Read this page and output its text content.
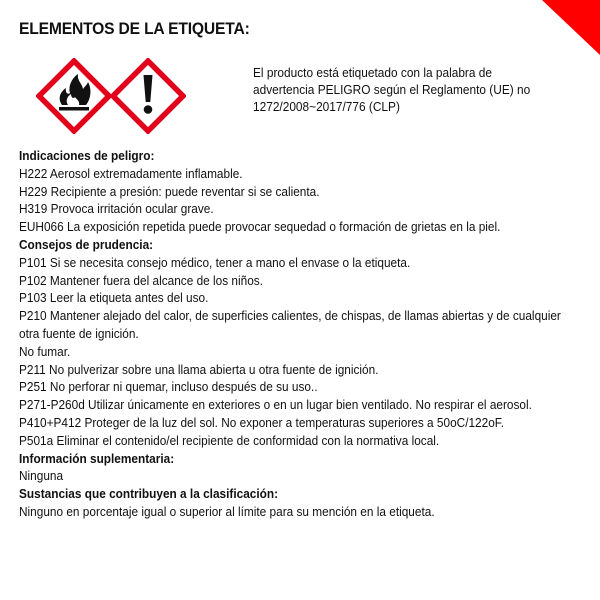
ELEMENTOS DE LA ETIQUETA:
El producto está etiquetado con la palabra de advertencia PELIGRO según el Reglamento (UE) no 1272/2008~2017/776 (CLP)
Indicaciones de peligro:
H222 Aerosol extremadamente inflamable.
H229 Recipiente a presión: puede reventar si se calienta.
H319 Provoca irritación ocular grave.
EUH066 La exposición repetida puede provocar sequedad o formación de grietas en la piel.
Consejos de prudencia:
P101 Si se necesita consejo médico, tener a mano el envase o la etiqueta.
P102 Mantener fuera del alcance de los niños.
P103 Leer la etiqueta antes del uso.
P210 Mantener alejado del calor, de superficies calientes, de chispas, de llamas abiertas y de cualquier otra fuente de ignición.
No fumar.
P211 No pulverizar sobre una llama abierta u otra fuente de ignición.
P251 No perforar ni quemar, incluso después de su uso..
P271-P260d Utilizar únicamente en exteriores o en un lugar bien ventilado. No respirar el aerosol.
P410+P412 Proteger de la luz del sol. No exponer a temperaturas superiores a 50oC/122oF.
P501a Eliminar el contenido/el recipiente de conformidad con la normativa local.
Información suplementaria:
Ninguna
Sustancias que contribuyen a la clasificación:
Ninguno en porcentaje igual o superior al límite para su mención en la etiqueta.
